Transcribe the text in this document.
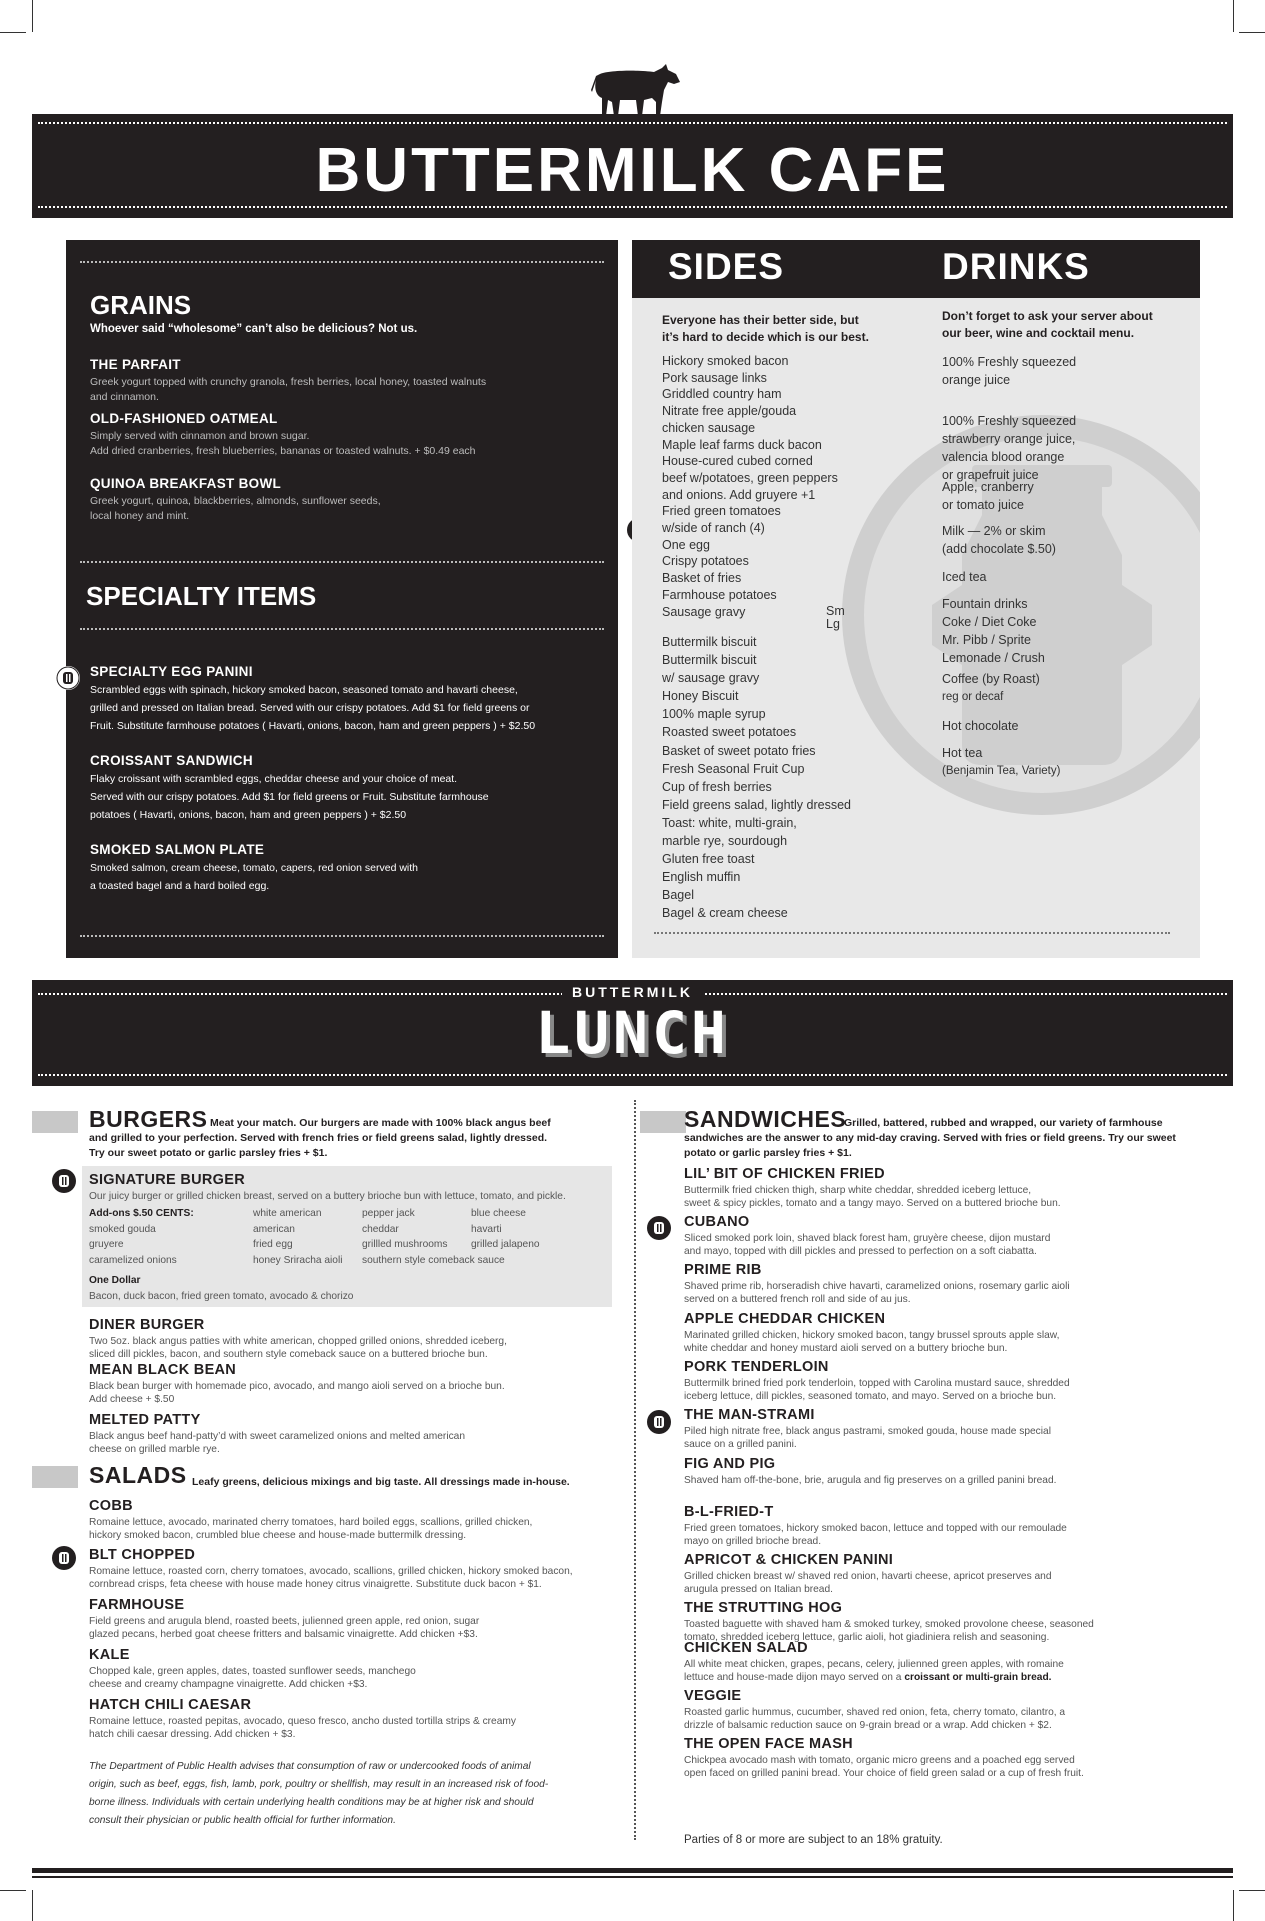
BUTTERMILK CAFE
GRAINS
Whoever said “wholesome” can’t also be delicious? Not us.
THE PARFAIT
Greek yogurt topped with crunchy granola, fresh berries, local honey, toasted walnuts
and cinnamon.
OLD-FASHIONED OATMEAL
Simply served with cinnamon and brown sugar.
Add dried cranberries, fresh blueberries, bananas or toasted walnuts. + $0.49 each
QUINOA BREAKFAST BOWL
Greek yogurt, quinoa, blackberries, almonds, sunflower seeds,
local honey and mint.
SPECIALTY ITEMS
SPECIALTY EGG PANINI
Scrambled eggs with spinach, hickory smoked bacon, seasoned tomato and havarti cheese,
grilled and pressed on Italian bread. Served with our crispy potatoes. Add $1 for field greens or
Fruit. Substitute farmhouse potatoes ( Havarti, onions, bacon, ham and green peppers ) + $2.50
CROISSANT SANDWICH
Flaky croissant with scrambled eggs, cheddar cheese and your choice of meat.
Served with our crispy potatoes. Add $1 for field greens or Fruit. Substitute farmhouse
potatoes ( Havarti, onions, bacon, ham and green peppers ) + $2.50
SMOKED SALMON PLATE
Smoked salmon, cream cheese, tomato, capers, red onion served with
a toasted bagel and a hard boiled egg.
SIDES	DRINKS
Everyone has their better side, but
it’s hard to decide which is our best.
Hickory smoked bacon
Pork sausage links
Griddled country ham
Nitrate free apple/gouda
chicken sausage
Maple leaf farms duck bacon
House-cured cubed corned
beef w/potatoes, green peppers
and onions. Add gruyere +1
Fried green tomatoes
w/side of ranch (4)
One egg
Crispy potatoes
Basket of fries
Farmhouse potatoes
Sausage gravy	Sm
Lg
Buttermilk biscuit
Buttermilk biscuit
w/ sausage gravy
Honey Biscuit
100% maple syrup
Roasted sweet potatoes
Basket of sweet potato fries
Fresh Seasonal Fruit Cup
Cup of fresh berries
Field greens salad, lightly dressed
Toast: white, multi-grain,
marble rye, sourdough
Gluten free toast
English muffin
Bagel
Bagel & cream cheese
Don’t forget to ask your server about
our beer, wine and cocktail menu.
100% Freshly squeezed
orange juice
100% Freshly squeezed
strawberry orange juice,
valencia blood orange
or grapefruit juice
Apple, cranberry
or tomato juice
Milk — 2% or skim
(add chocolate $.50)
Iced tea
Fountain drinks
Coke / Diet Coke
Mr. Pibb / Sprite
Lemonade / Crush
Coffee (by Roast)
reg or decaf
Hot chocolate
Hot tea
(Benjamin Tea, Variety)
BUTTERMILK
LUNCH
BURGERS Meat your match. Our burgers are made with 100% black angus beef
and grilled to your perfection. Served with french fries or field greens salad, lightly dressed.
Try our sweet potato or garlic parsley fries + $1.
SIGNATURE BURGER
Our juicy burger or grilled chicken breast, served on a buttery brioche bun with lettuce, tomato, and pickle.
Add-ons $.50 CENTS:
smoked gouda
gruyere
caramelized onions
white american
american
fried egg
honey Sriracha aioli
pepper jack
cheddar
grillled mushrooms
southern style comeback sauce
blue cheese
havarti
grilled jalapeno
One Dollar
Bacon, duck bacon, fried green tomato, avocado & chorizo
DINER BURGER
Two 5oz. black angus patties with white american, chopped grilled onions, shredded iceberg,
sliced dill pickles, bacon, and southern style comeback sauce on a buttered brioche bun.
MEAN BLACK BEAN
Black bean burger with homemade pico, avocado, and mango aioli served on a brioche bun.
Add cheese + $.50
MELTED PATTY
Black angus beef hand-patty’d with sweet caramelized onions and melted american
cheese on grilled marble rye.
SALADS Leafy greens, delicious mixings and big taste. All dressings made in-house.
COBB
Romaine lettuce, avocado, marinated cherry tomatoes, hard boiled eggs, scallions, grilled chicken,
hickory smoked bacon, crumbled blue cheese and house-made buttermilk dressing.
BLT CHOPPED
Romaine lettuce, roasted corn, cherry tomatoes, avocado, scallions, grilled chicken, hickory smoked bacon,
cornbread crisps, feta cheese with house made honey citrus vinaigrette. Substitute duck bacon + $1.
FARMHOUSE
Field greens and arugula blend, roasted beets, julienned green apple, red onion, sugar
glazed pecans, herbed goat cheese fritters and balsamic vinaigrette. Add chicken +$3.
KALE
Chopped kale, green apples, dates, toasted sunflower seeds, manchego
cheese and creamy champagne vinaigrette. Add chicken +$3.
HATCH CHILI CAESAR
Romaine lettuce, roasted pepitas, avocado, queso fresco, ancho dusted tortilla strips & creamy
hatch chili caesar dressing. Add chicken + $3.
The Department of Public Health advises that consumption of raw or undercooked foods of animal
origin, such as beef, eggs, fish, lamb, pork, poultry or shellfish, may result in an increased risk of food-
borne illness. Individuals with certain underlying health conditions may be at higher risk and should
consult their physician or public health official for further information.
SANDWICHES
Grilled, battered, rubbed and wrapped, our variety of farmhouse
sandwiches are the answer to any mid-day craving. Served with fries or field greens. Try our sweet
potato or garlic parsley fries + $1.
LIL’ BIT OF CHICKEN FRIED
Buttermilk fried chicken thigh, sharp white cheddar, shredded iceberg lettuce,
sweet & spicy pickles, tomato and a tangy mayo. Served on a buttered brioche bun.
CUBANO
Sliced smoked pork loin, shaved black forest ham, gruyère cheese, dijon mustard
and mayo, topped with dill pickles and pressed to perfection on a soft ciabatta.
PRIME RIB
Shaved prime rib, horseradish chive havarti, caramelized onions, rosemary garlic aioli
served on a buttered french roll and side of au jus.
APPLE CHEDDAR CHICKEN
Marinated grilled chicken, hickory smoked bacon, tangy brussel sprouts apple slaw,
white cheddar and honey mustard aioli served on a buttery brioche bun.
PORK TENDERLOIN
Buttermilk brined fried pork tenderloin, topped with Carolina mustard sauce, shredded
iceberg lettuce, dill pickles, seasoned tomato, and mayo. Served on a brioche bun.
THE MAN-STRAMI
Piled high nitrate free, black angus pastrami, smoked gouda, house made special
sauce on a grilled panini.
FIG AND PIG
Shaved ham off-the-bone, brie, arugula and fig preserves on a grilled panini bread.
B-L-FRIED-T
Fried green tomatoes, hickory smoked bacon, lettuce and topped with our remoulade
mayo on grilled brioche bread.
APRICOT & CHICKEN PANINI
Grilled chicken breast w/ shaved red onion, havarti cheese, apricot preserves and
arugula pressed on Italian bread.
THE STRUTTING HOG
Toasted baguette with shaved ham & smoked turkey, smoked provolone cheese, seasoned
tomato, shredded iceberg lettuce, garlic aioli, hot giadiniera relish and seasoning.
CHICKEN SALAD
All white meat chicken, grapes, pecans, celery, julienned green apples, with romaine
lettuce and house-made dijon mayo served on a croissant or multi-grain bread.
VEGGIE
Roasted garlic hummus, cucumber, shaved red onion, feta, cherry tomato, cilantro, a
drizzle of balsamic reduction sauce on 9-grain bread or a wrap. Add chicken + $2.
THE OPEN FACE MASH
Chickpea avocado mash with tomato, organic micro greens and a poached egg served
open faced on grilled panini bread. Your choice of field green salad or a cup of fresh fruit.
Parties of 8 or more are subject to an 18% gratuity.
